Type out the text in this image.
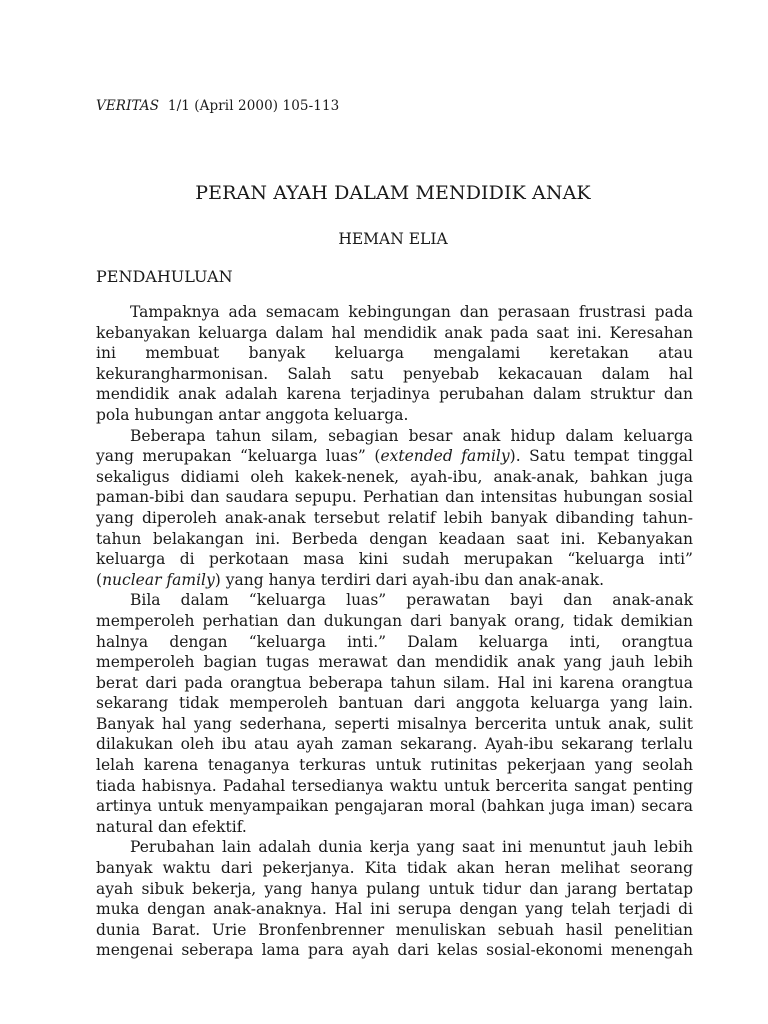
VERITAS 1/1 (April 2000) 105-113
PERAN AYAH DALAM MENDIDIK ANAK
HEMAN ELIA
PENDAHULUAN
Tampaknya ada semacam kebingungan dan perasaan frustrasi pada
kebanyakan keluarga dalam hal mendidik anak pada saat ini. Keresahan
ini membuat banyak keluarga mengalami keretakan atau
kekurangharmonisan. Salah satu penyebab kekacauan dalam hal
mendidik anak adalah karena terjadinya perubahan dalam struktur dan
pola hubungan antar anggota keluarga.
Beberapa tahun silam, sebagian besar anak hidup dalam keluarga
yang merupakan “keluarga luas” (extended family). Satu tempat tinggal
sekaligus didiami oleh kakek-nenek, ayah-ibu, anak-anak, bahkan juga
paman-bibi dan saudara sepupu. Perhatian dan intensitas hubungan sosial
yang diperoleh anak-anak tersebut relatif lebih banyak dibanding tahun-
tahun belakangan ini. Berbeda dengan keadaan saat ini. Kebanyakan
keluarga di perkotaan masa kini sudah merupakan “keluarga inti”
(nuclear family) yang hanya terdiri dari ayah-ibu dan anak-anak.
Bila dalam “keluarga luas” perawatan bayi dan anak-anak
memperoleh perhatian dan dukungan dari banyak orang, tidak demikian
halnya dengan “keluarga inti.” Dalam keluarga inti, orangtua
memperoleh bagian tugas merawat dan mendidik anak yang jauh lebih
berat dari pada orangtua beberapa tahun silam. Hal ini karena orangtua
sekarang tidak memperoleh bantuan dari anggota keluarga yang lain.
Banyak hal yang sederhana, seperti misalnya bercerita untuk anak, sulit
dilakukan oleh ibu atau ayah zaman sekarang. Ayah-ibu sekarang terlalu
lelah karena tenaganya terkuras untuk rutinitas pekerjaan yang seolah
tiada habisnya. Padahal tersedianya waktu untuk bercerita sangat penting
artinya untuk menyampaikan pengajaran moral (bahkan juga iman) secara
natural dan efektif.
Perubahan lain adalah dunia kerja yang saat ini menuntut jauh lebih
banyak waktu dari pekerjanya. Kita tidak akan heran melihat seorang
ayah sibuk bekerja, yang hanya pulang untuk tidur dan jarang bertatap
muka dengan anak-anaknya. Hal ini serupa dengan yang telah terjadi di
dunia Barat. Urie Bronfenbrenner menuliskan sebuah hasil penelitian
mengenai seberapa lama para ayah dari kelas sosial-ekonomi menengah
